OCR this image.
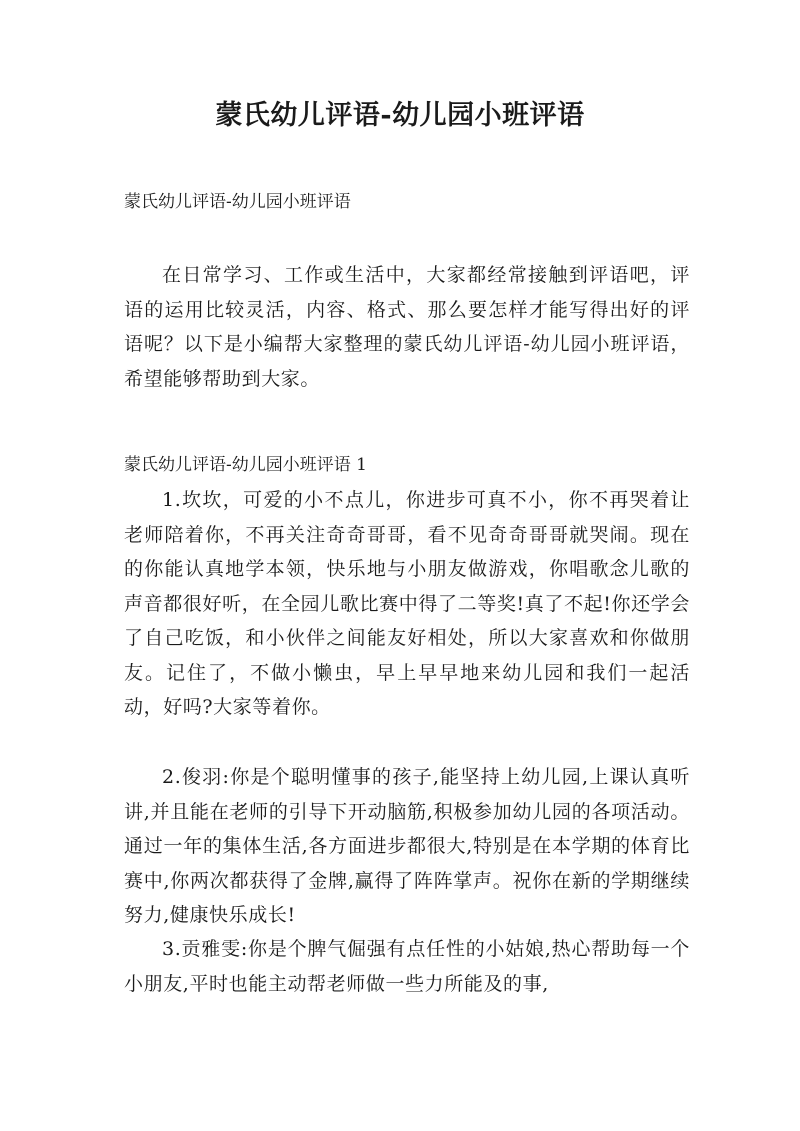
蒙氏幼儿评语-幼儿园小班评语
蒙氏幼儿评语-幼儿园小班评语

在日常学习、工作或生活中，大家都经常接触到评语吧，评语的运用比较灵活，内容、格式、那么要怎样才能写得出好的评语呢？以下是小编帮大家整理的蒙氏幼儿评语-幼儿园小班评语，希望能够帮助到大家。

蒙氏幼儿评语-幼儿园小班评语 1

1.坎坎，可爱的小不点儿，你进步可真不小，你不再哭着让老师陪着你，不再关注奇奇哥哥，看不见奇奇哥哥就哭闹。现在的你能认真地学本领，快乐地与小朋友做游戏，你唱歌念儿歌的声音都很好听，在全园儿歌比赛中得了二等奖!真了不起!你还学会了自己吃饭，和小伙伴之间能友好相处，所以大家喜欢和你做朋友。记住了，不做小懒虫，早上早早地来幼儿园和我们一起活动，好吗?大家等着你。

2.俊羽:你是个聪明懂事的孩子,能坚持上幼儿园,上课认真听讲,并且能在老师的引导下开动脑筋,积极参加幼儿园的各项活动。通过一年的集体生活,各方面进步都很大,特别是在本学期的体育比赛中,你两次都获得了金牌,赢得了阵阵掌声。祝你在新的学期继续努力,健康快乐成长!

3.贡雅雯:你是个脾气倔强有点任性的小姑娘,热心帮助每一个小朋友,平时也能主动帮老师做一些力所能及的事,
